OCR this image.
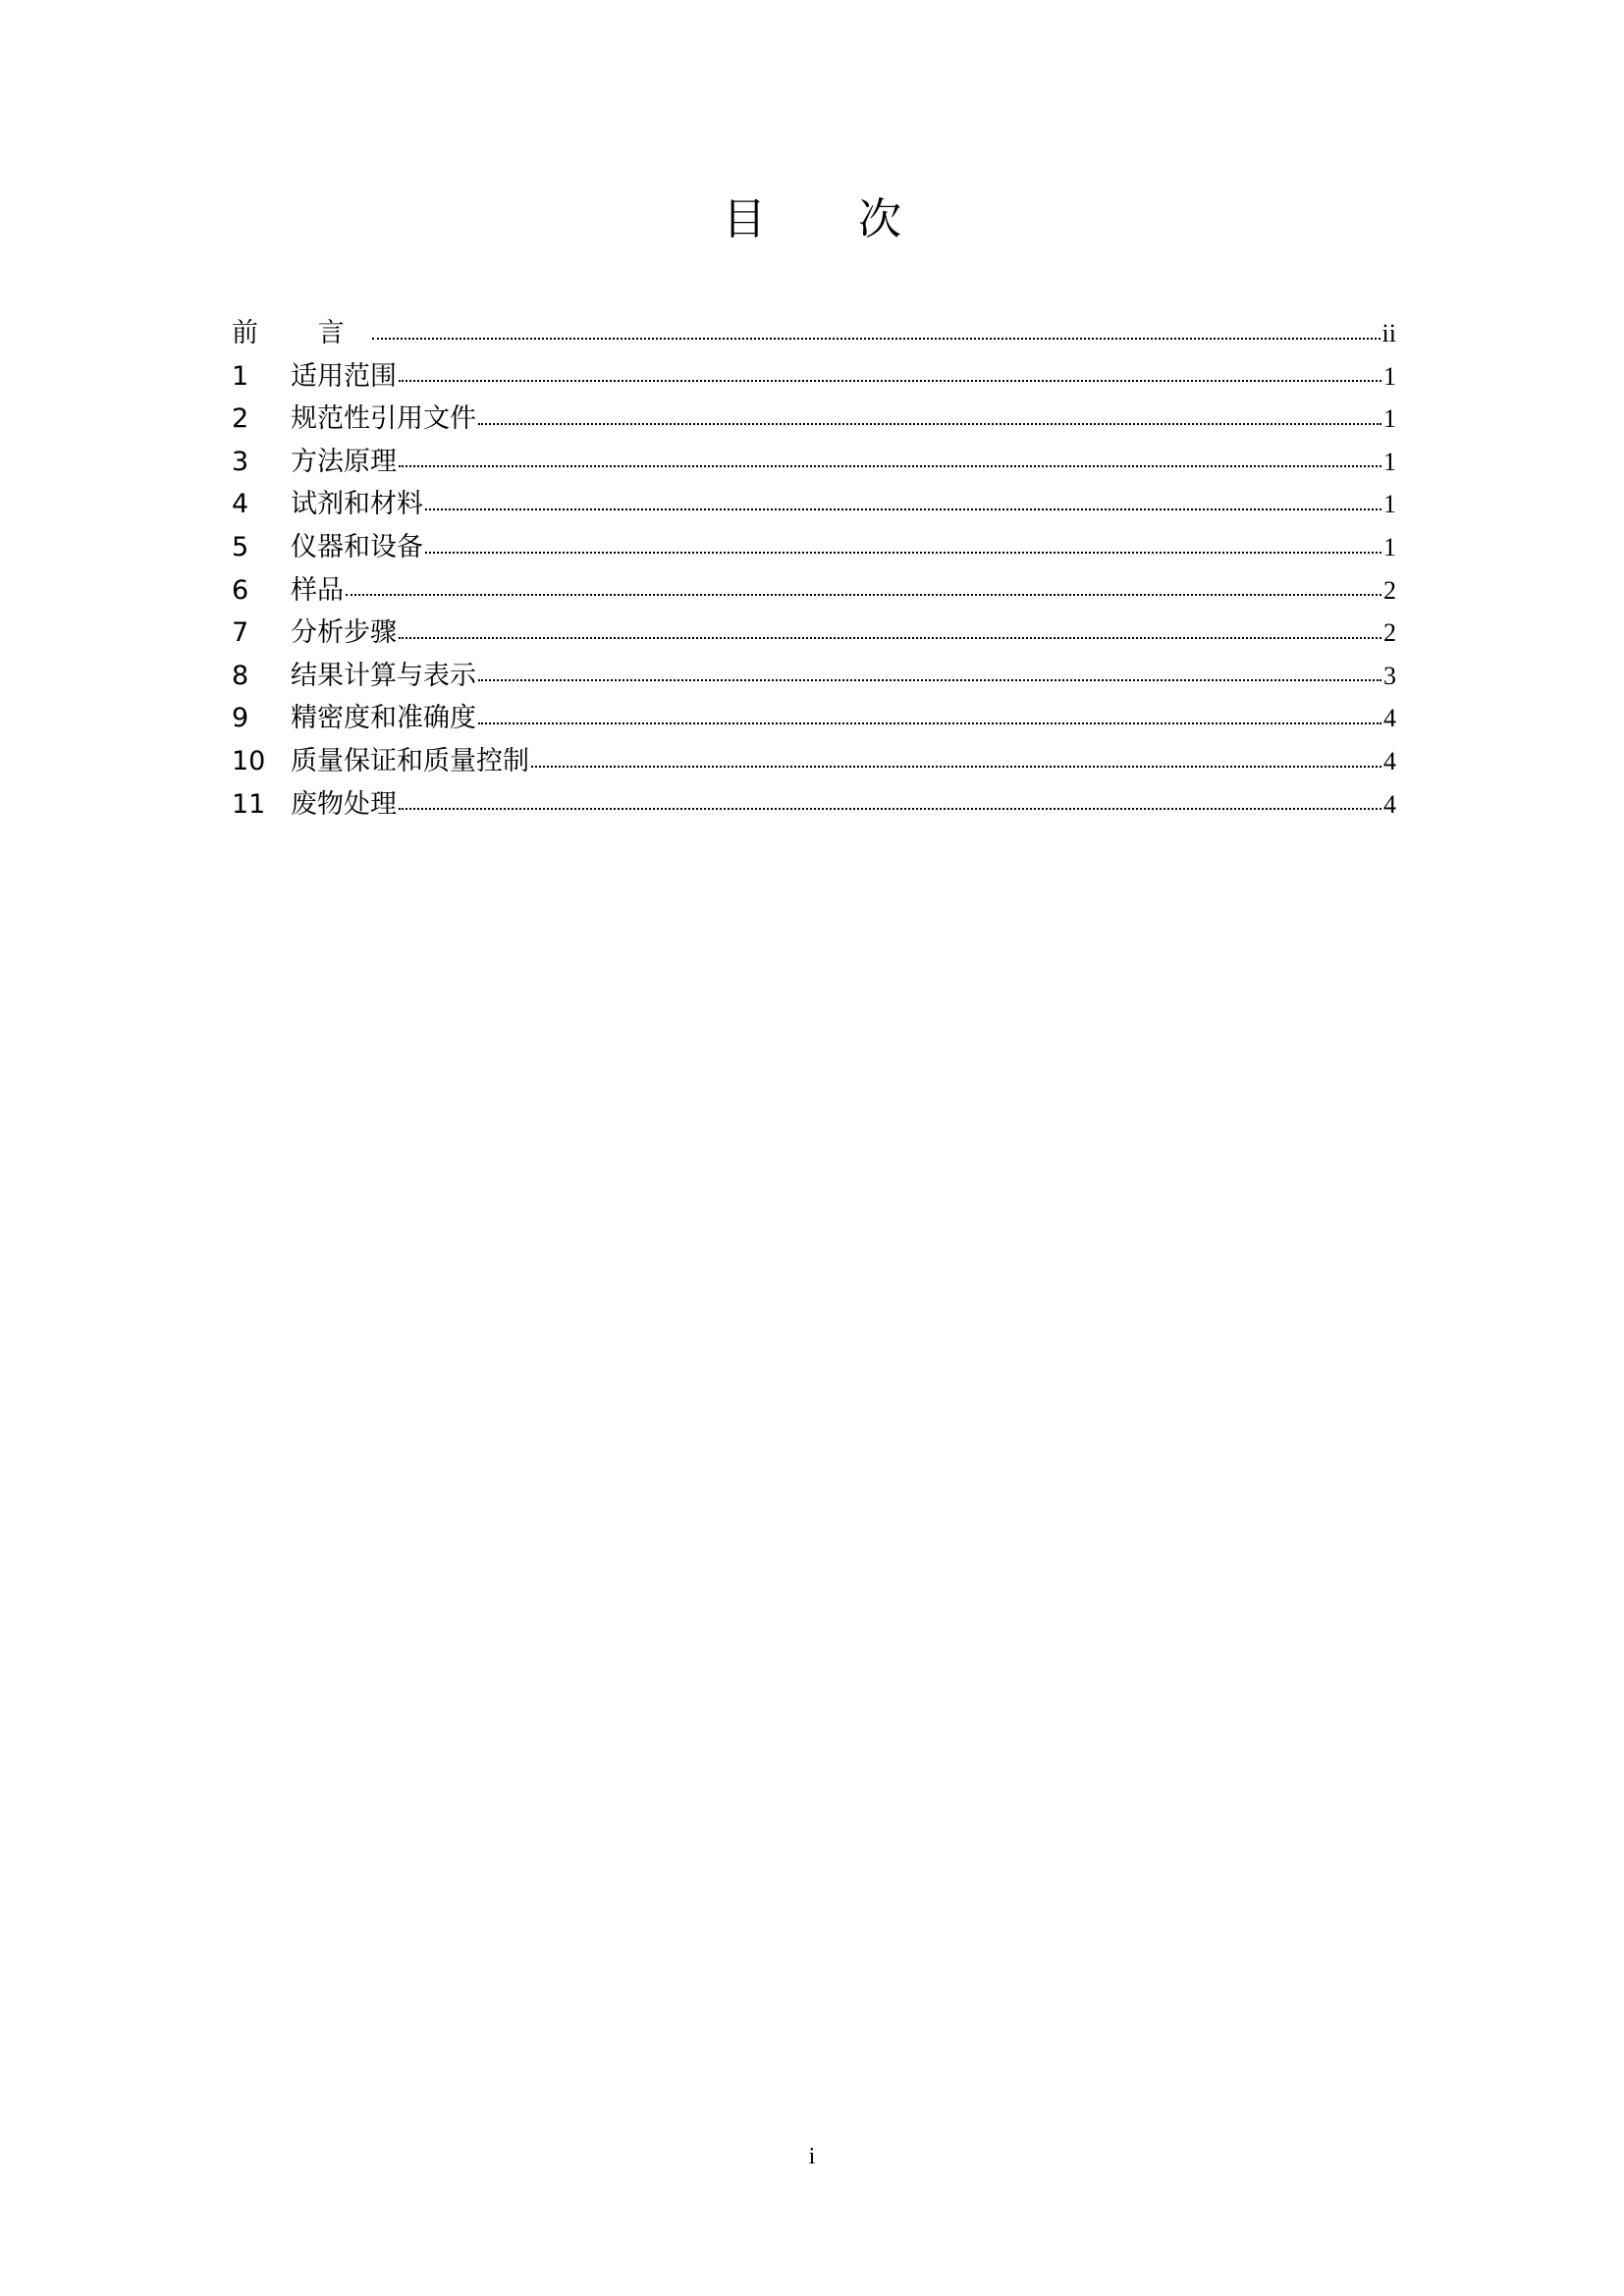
目 次
前 言	ii
1	适用范围	1
2	规范性引用文件	1
3	方法原理	1
4	试剂和材料	1
5	仪器和设备	1
6	样品	2
7	分析步骤	2
8	结果计算与表示	3
9	精密度和准确度	4
10 质量保证和质量控制	4
11 废物处理	4
i
